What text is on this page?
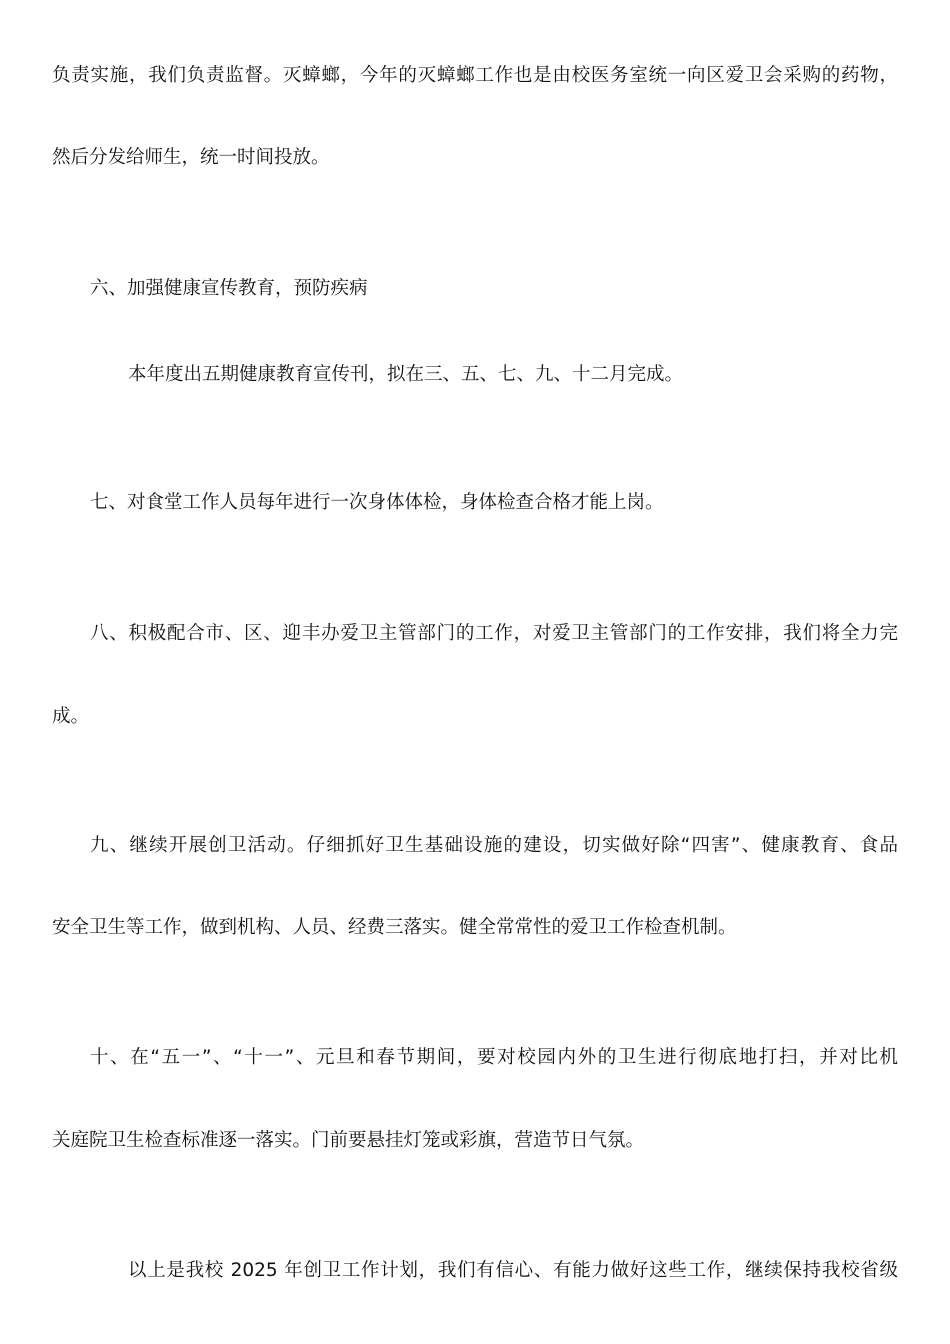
负责实施，我们负责监督。灭蟑螂，今年的灭蟑螂工作也是由校医务室统一向区爱卫会采购的药物，
然后分发给师生，统一时间投放。
六、加强健康宣传教育，预防疾病
本年度出五期健康教育宣传刊，拟在三、五、七、九、十二月完成。
七、对食堂工作人员每年进行一次身体体检，身体检查合格才能上岗。
八、积极配合市、区、迎丰办爱卫主管部门的工作，对爱卫主管部门的工作安排，我们将全力完
成。
九、继续开展创卫活动。仔细抓好卫生基础设施的建设，切实做好除“四害”、健康教育、食品
安全卫生等工作，做到机构、人员、经费三落实。健全常常性的爱卫工作检查机制。
十、在“五一”、“十一”、元旦和春节期间，要对校园内外的卫生进行彻底地打扫，并对比机
关庭院卫生检查标准逐一落实。门前要悬挂灯笼或彩旗，营造节日气氛。
以上是我校 2025 年创卫工作计划，我们有信心、有能力做好这些工作，继续保持我校省级
